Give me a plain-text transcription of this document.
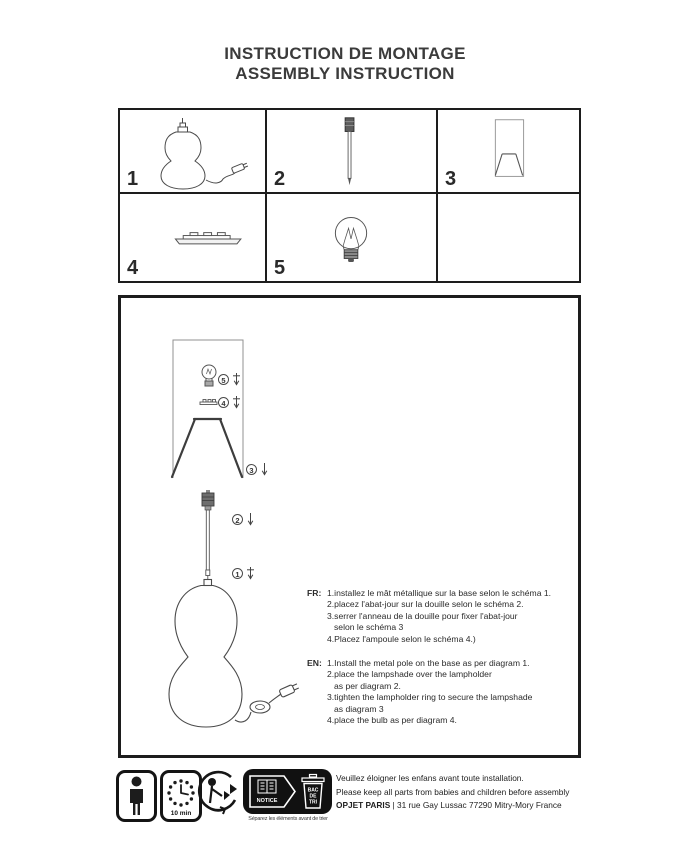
INSTRUCTION DE MONTAGE
ASSEMBLY INSTRUCTION
1	2	3
4	5
5
4
3
2
1
FR: 1.installez le mât métallique sur la base selon le schéma 1.
2.placez l'abat-jour sur la douille selon le schéma 2.
3.serrer l'anneau de la douille pour fixer l'abat-jour
selon le schéma 3
4.Placez l'ampoule selon le schéma 4.)
EN: 1.Install the metal pole on the base as per diagram 1.
2.place the lampshade over the lampholder
as per diagram 2.
3.tighten the lampholder ring to secure the lampshade
as diagram 3
4.place the bulb as per diagram 4.
10 min
NOTICE
BAC
DE
TRI
Séparez les éléments avant de trier

Veuillez éloigner les enfans avant toute installation.

Please keep all parts from babies and children before assembly

OPJET PARIS | 31 rue Gay Lussac 77290 Mitry-Mory France
